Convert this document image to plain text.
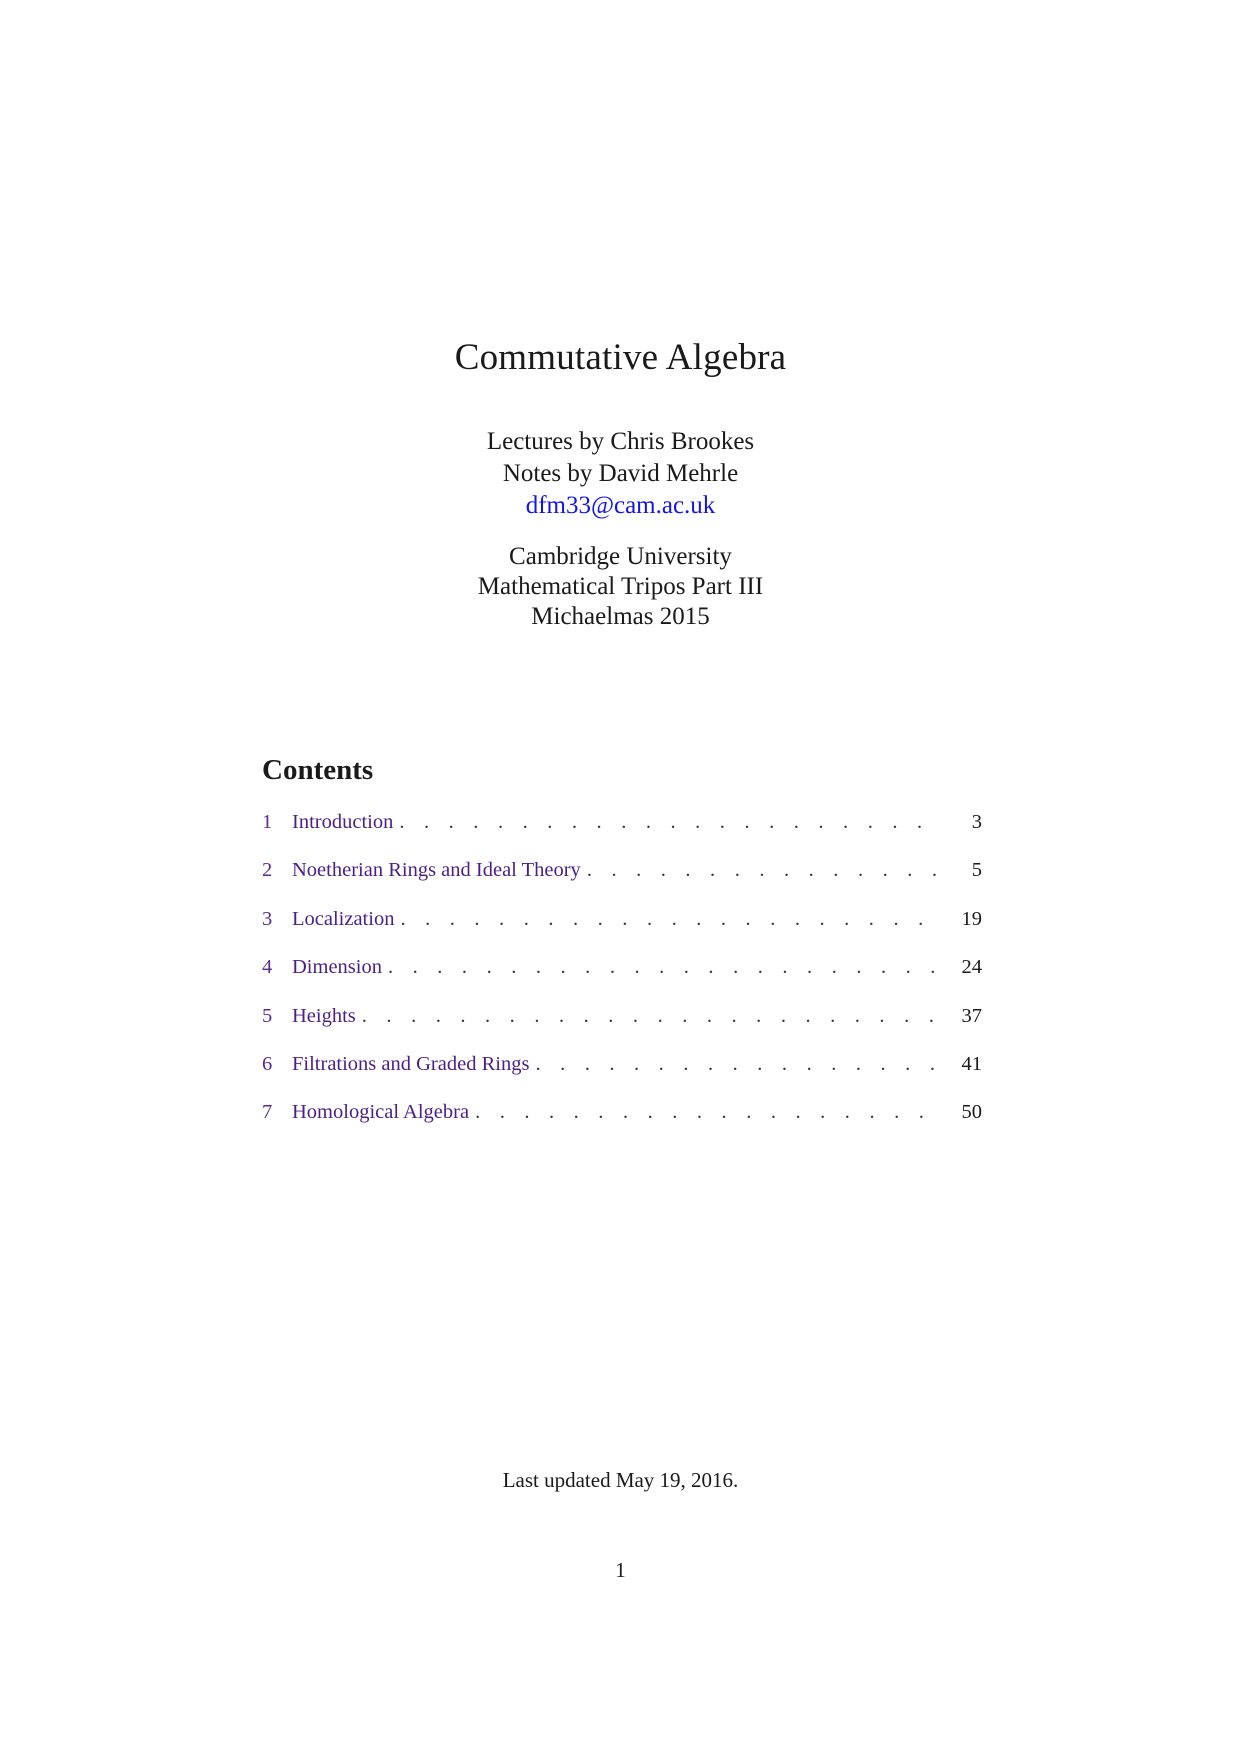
Commutative Algebra
Lectures by Chris Brookes
Notes by David Mehrle
dfm33@cam.ac.uk
Cambridge University
Mathematical Tripos Part III
Michaelmas 2015
Contents
1 Introduction . . .	3
2 Noetherian Rings and Ideal Theory . . .	5
3 Localization . . .	19
4 Dimension . . .	24
5 Heights . . .	37
6 Filtrations and Graded Rings . . .	41
7 Homological Algebra . . .	50
Last updated May 19, 2016.
1
